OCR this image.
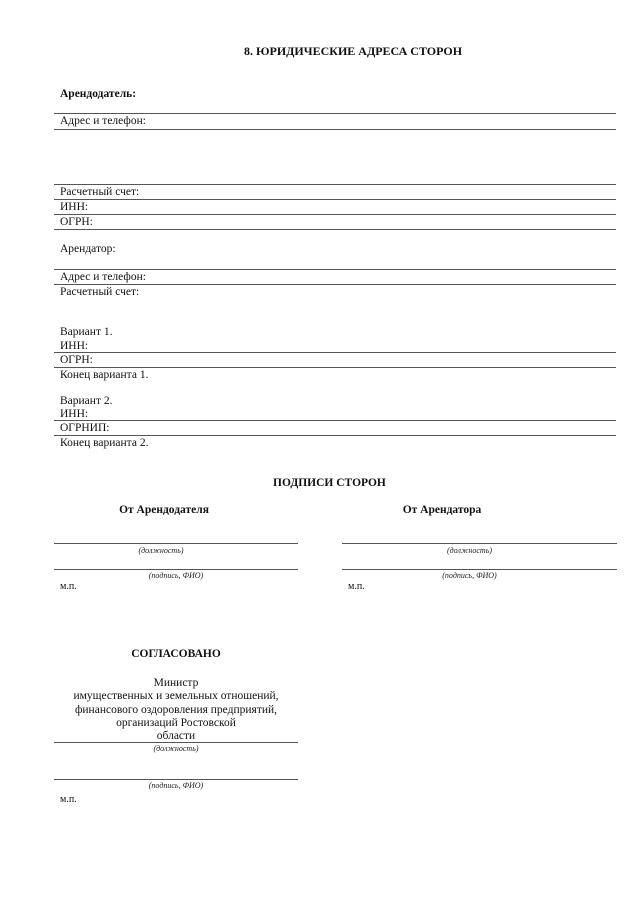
8. ЮРИДИЧЕСКИЕ АДРЕСА СТОРОН
Арендодатель:
Адрес и телефон:
Расчетный счет:
ИНН:
ОГРН:
Арендатор:
Адрес и телефон:
Расчетный счет:
Вариант 1.
ИНН:
ОГРН:
Конец варианта 1.
Вариант 2.
ИНН:
ОГРНИП:
Конец варианта 2.
ПОДПИСИ СТОРОН
От Арендодателя	От Арендатора
(должность)	(должность)
(подпись, ФИО)	(подпись, ФИО)
м.п.	м.п.
СОГЛАСОВАНО
Министр
имущественных и земельных отношений,
финансового оздоровления предприятий,
организаций Ростовской
области
(должность)
(подпись, ФИО)
м.п.
